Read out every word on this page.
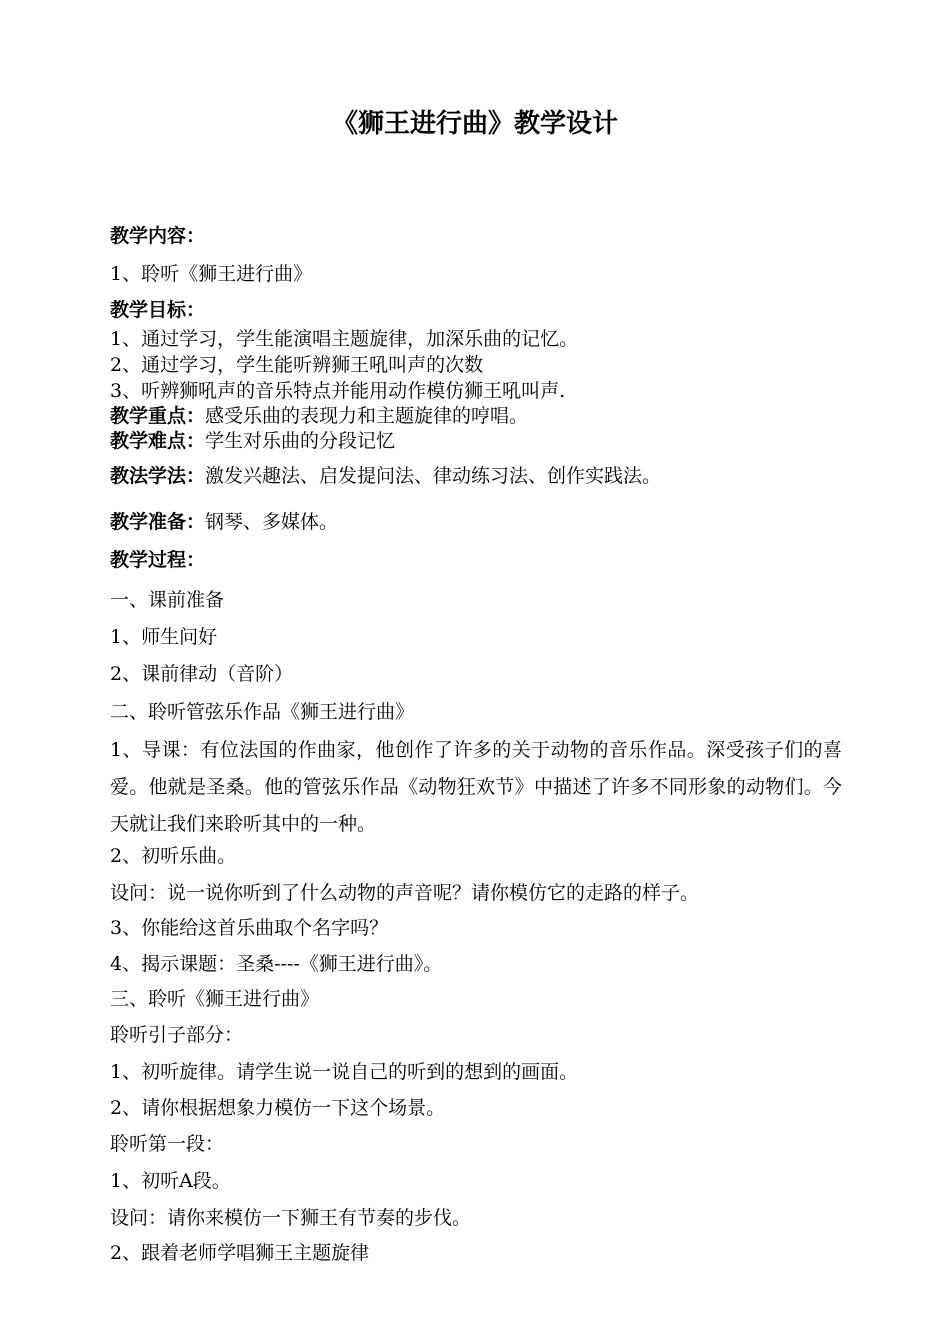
《狮王进行曲》教学设计
教学内容：
1、聆听《狮王进行曲》
教学目标：
1、通过学习，学生能演唱主题旋律，加深乐曲的记忆。
2、通过学习，学生能听辨狮王吼叫声的次数
3、听辨狮吼声的音乐特点并能用动作模仿狮王吼叫声.
教学重点：感受乐曲的表现力和主题旋律的哼唱。
教学难点：学生对乐曲的分段记忆
教法学法：激发兴趣法、启发提问法、律动练习法、创作实践法。
教学准备：钢琴、多媒体。
教学过程：
一、课前准备
1、师生问好
2、课前律动（音阶）
二、聆听管弦乐作品《狮王进行曲》
1、导课：有位法国的作曲家，他创作了许多的关于动物的音乐作品。深受孩子们的喜爱。他就是圣桑。他的管弦乐作品《动物狂欢节》中描述了许多不同形象的动物们。今天就让我们来聆听其中的一种。
2、初听乐曲。
设问：说一说你听到了什么动物的声音呢？请你模仿它的走路的样子。
3、你能给这首乐曲取个名字吗？
4、揭示课题：圣桑----《狮王进行曲》。
三、聆听《狮王进行曲》
聆听引子部分：
1、初听旋律。请学生说一说自己的听到的想到的画面。
2、请你根据想象力模仿一下这个场景。
聆听第一段：
1、初听A段。
设问：请你来模仿一下狮王有节奏的步伐。
2、跟着老师学唱狮王主题旋律
